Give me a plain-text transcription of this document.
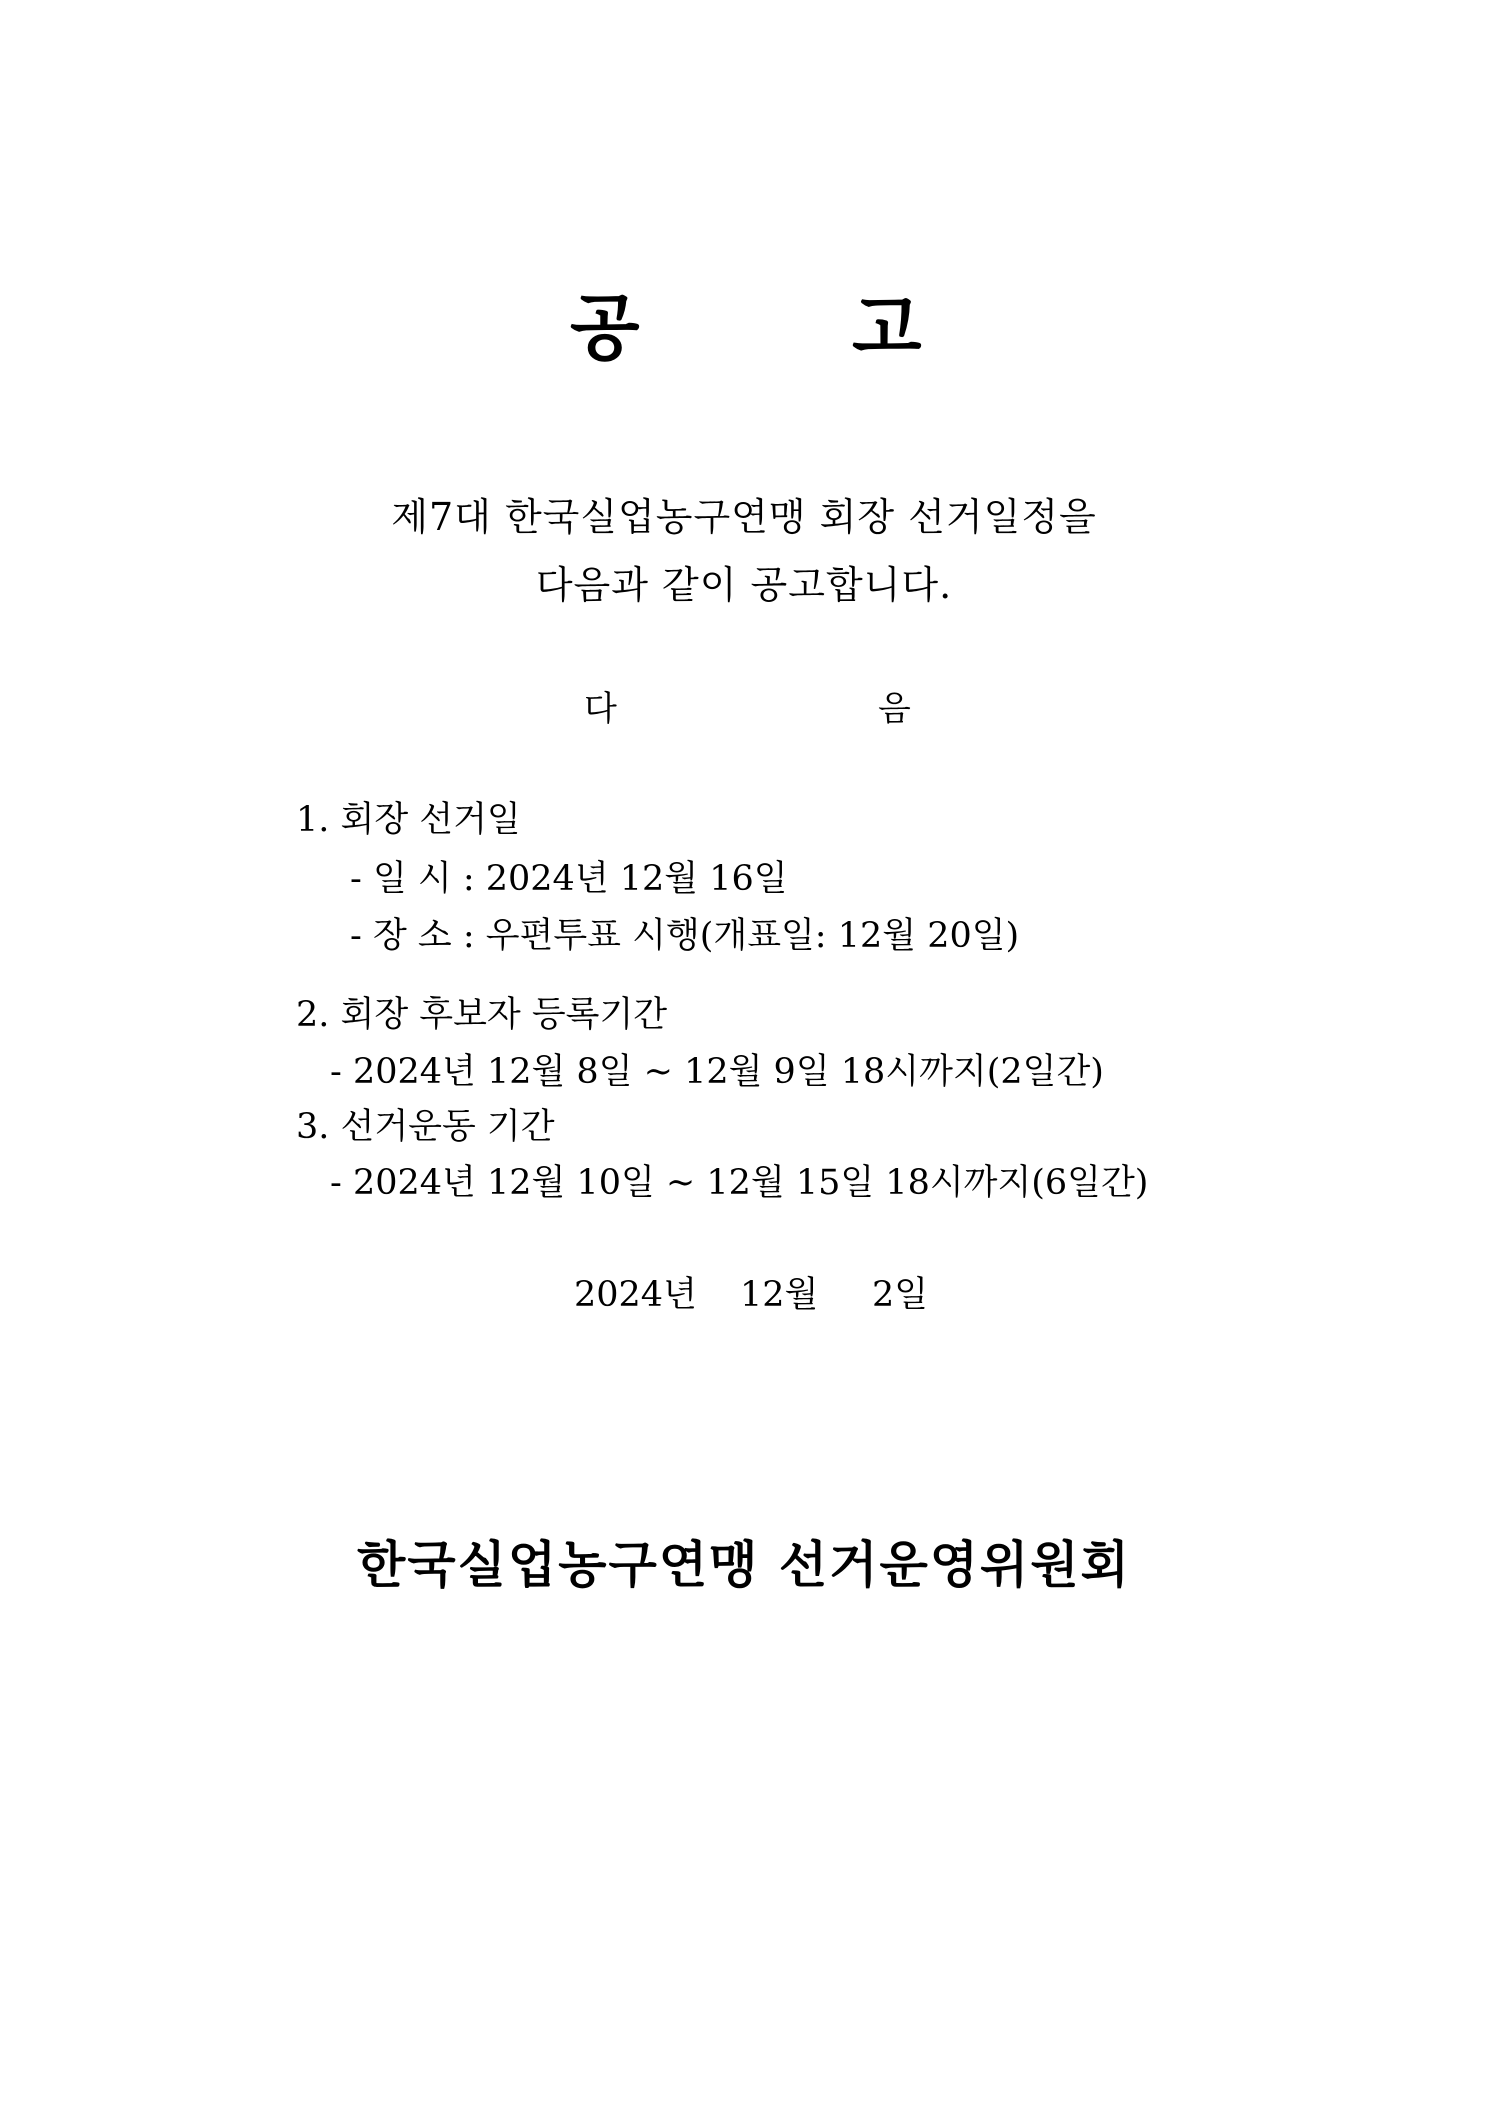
공	고
제7대 한국실업농구연맹 회장 선거일정을
다음과 같이 공고합니다.
다	음
1. 회장 선거일
- 일 시 : 2024년 12월 16일
- 장 소 : 우편투표 시행(개표일: 12월 20일)
2. 회장 후보자 등록기간
- 2024년 12월 8일 ~ 12월 9일 18시까지(2일간)
3. 선거운동 기간
- 2024년 12월 10일 ~ 12월 15일 18시까지(6일간)
2024년 12월 2일
한국실업농구연맹 선거운영위원회
